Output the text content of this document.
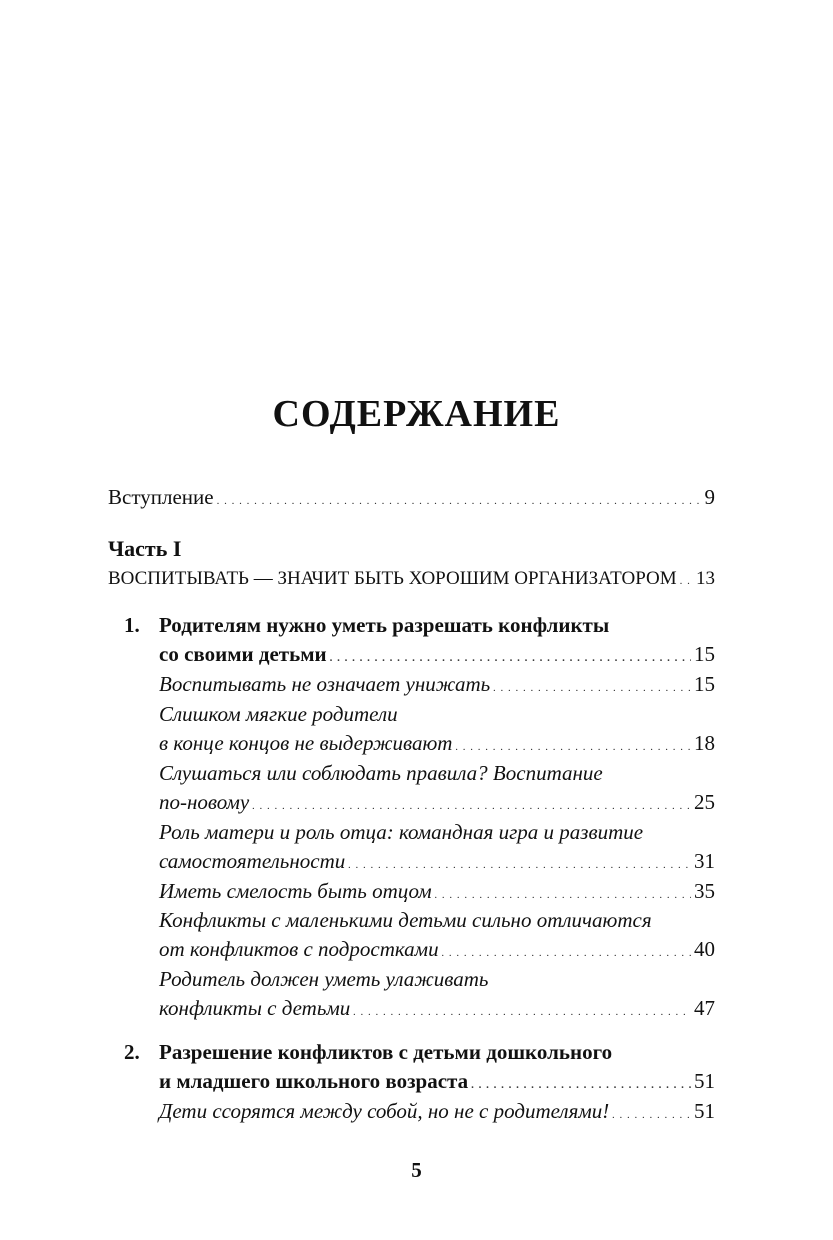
СОДЕРЖАНИЕ
Вступление . . .	9
Часть I
ВОСПИТЫВАТЬ — ЗНАЧИТ БЫТЬ ХОРОШИМ ОРГАНИЗАТОРОМ . . . 13
1. Родителям нужно уметь разрешать конфликты
со своими детьми . . .	15
Воспитывать не означает унижать . . .	15
Слишком мягкие родители
в конце концов не выдерживают . . .	18
Слушаться или соблюдать правила? Воспитание
по-новому . . .	25
Роль матери и роль отца: командная игра и развитие
самостоятельности . . .	31
Иметь смелость быть отцом . . .	35
Конфликты с маленькими детьми сильно отличаются
от конфликтов с подростками . . .	40
Родитель должен уметь улаживать
конфликты с детьми . . .	47
2. Разрешение конфликтов с детьми дошкольного
и младшего школьного возраста . . .	51
Дети ссорятся между собой, но не с родителями! . . .	51
5
